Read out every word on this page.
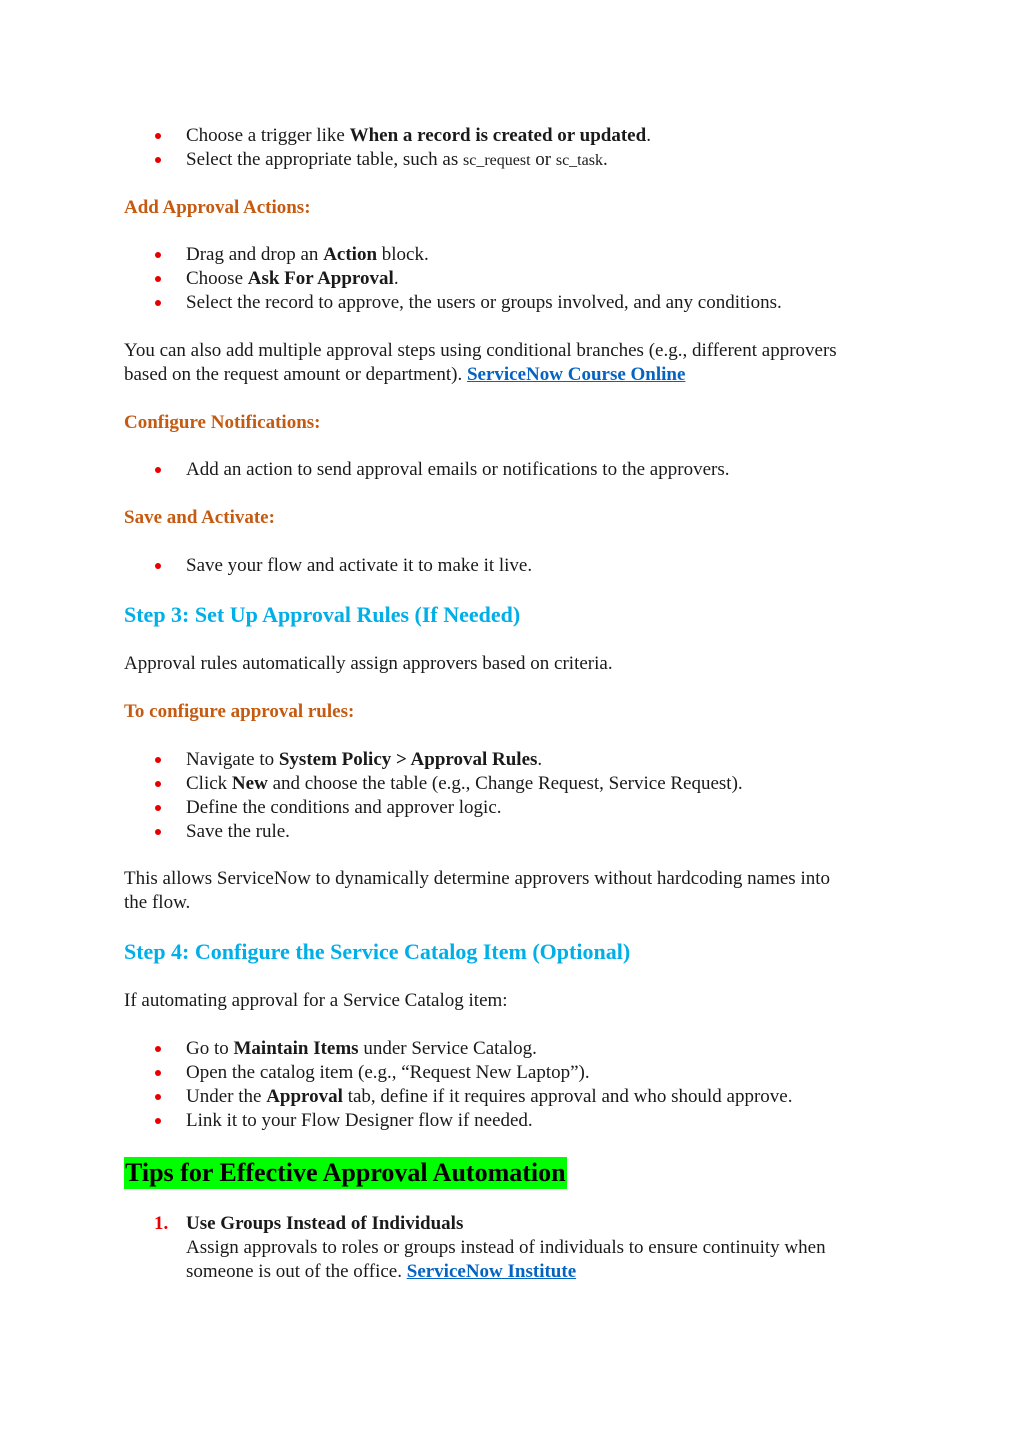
Choose a trigger like When a record is created or updated.
Select the appropriate table, such as sc_request or sc_task.
Add Approval Actions:
Drag and drop an Action block.
Choose Ask For Approval.
Select the record to approve, the users or groups involved, and any conditions.
You can also add multiple approval steps using conditional branches (e.g., different approvers
based on the request amount or department). ServiceNow Course Online
Configure Notifications:
Add an action to send approval emails or notifications to the approvers.
Save and Activate:
Save your flow and activate it to make it live.
Step 3: Set Up Approval Rules (If Needed)
Approval rules automatically assign approvers based on criteria.
To configure approval rules:
Navigate to System Policy > Approval Rules.
Click New and choose the table (e.g., Change Request, Service Request).
Define the conditions and approver logic.
Save the rule.
This allows ServiceNow to dynamically determine approvers without hardcoding names into
the flow.
Step 4: Configure the Service Catalog Item (Optional)
If automating approval for a Service Catalog item:
Go to Maintain Items under Service Catalog.
Open the catalog item (e.g., “Request New Laptop”).
Under the Approval tab, define if it requires approval and who should approve.
Link it to your Flow Designer flow if needed.
Tips for Effective Approval Automation
1. Use Groups Instead of Individuals
Assign approvals to roles or groups instead of individuals to ensure continuity when
someone is out of the office. ServiceNow Institute
